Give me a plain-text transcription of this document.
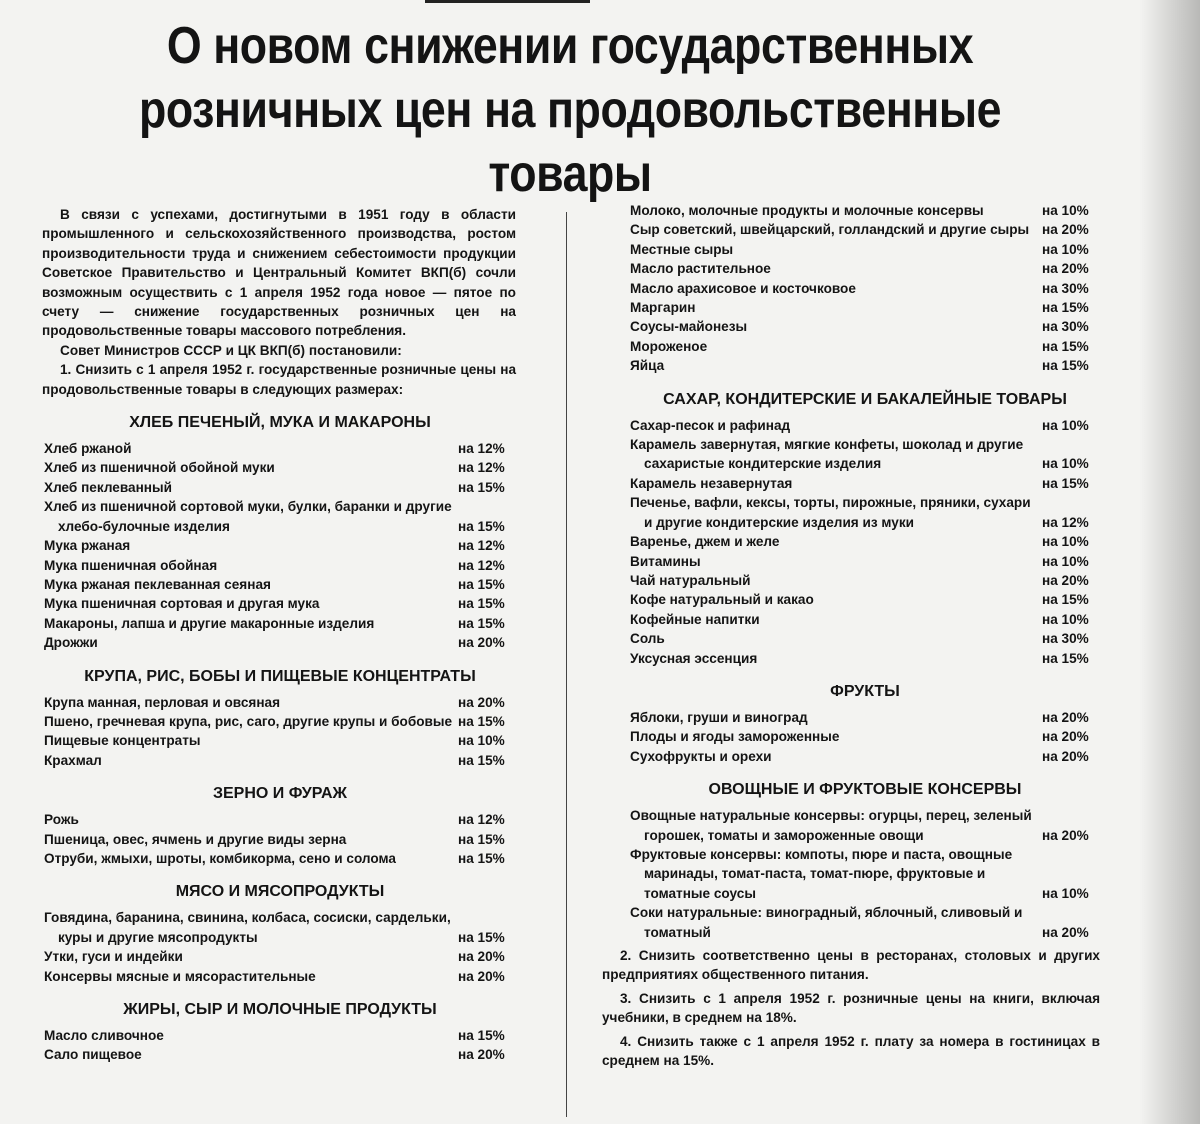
О новом снижении государственных
розничных цен на продовольственные
товары

В связи с успехами, достигнутыми в 1951 году в области промышленного и сельскохозяйственного производства, ростом производительности труда и снижением себестоимости продукции Советское Правительство и Центральный Комитет ВКП(б) сочли возможным осуществить с 1 апреля 1952 года новое — пятое по счету — снижение государственных розничных цен на продовольственные товары массового потребления.

Совет Министров СССР и ЦК ВКП(б) постановили:

1. Снизить с 1 апреля 1952 г. государственные розничные цены на продовольственные товары в следующих размерах:

ХЛЕБ ПЕЧЕНЫЙ, МУКА И МАКАРОНЫ
Хлеб ржаной	на 12%
Хлеб из пшеничной обойной муки	на 12%
Хлеб пеклеванный	на 15%
Хлеб из пшеничной сортовой муки, булки, баранки и другие хлебо-булочные изделия	на 15%
Мука ржаная	на 12%
Мука пшеничная обойная	на 12%
Мука ржаная пеклеванная сеяная	на 15%
Мука пшеничная сортовая и другая мука	на 15%
Макароны, лапша и другие макаронные изделия	на 15%
Дрожжи	на 20%
КРУПА, РИС, БОБЫ И ПИЩЕВЫЕ КОНЦЕНТРАТЫ
Крупа манная, перловая и овсяная	на 20%
Пшено, гречневая крупа, рис, саго, другие крупы и бобовые на 15%
Пищевые концентраты	на 10%
Крахмал	на 15%
ЗЕРНО И ФУРАЖ
Рожь	на 12%
Пшеница, овес, ячмень и другие виды зерна	на 15%
Отруби, жмыхи, шроты, комбикорма, сено и солома	на 15%
МЯСО И МЯСОПРОДУКТЫ
Говядина, баранина, свинина, колбаса, сосиски, сардельки, куры и другие мясопродукты	на 15%
Утки, гуси и индейки	на 20%
Консервы мясные и мясорастительные	на 20%
ЖИРЫ, СЫР И МОЛОЧНЫЕ ПРОДУКТЫ
Масло сливочное	на 15%
Сало пищевое	на 20%
Молоко, молочные продукты и молочные консервы	на 10%
Сыр советский, швейцарский, голландский и другие сыры на 20%
Местные сыры	на 10%
Масло растительное	на 20%
Масло арахисовое и косточковое	на 30%
Маргарин	на 15%
Соусы-майонезы	на 30%
Мороженое	на 15%
Яйца	на 15%
САХАР, КОНДИТЕРСКИЕ И БАКАЛЕЙНЫЕ ТОВАРЫ
Сахар-песок и рафинад	на 10%
Карамель завернутая, мягкие конфеты, шоколад и другие сахаристые кондитерские изделия	на 10%
Карамель незавернутая	на 15%
Печенье, вафли, кексы, торты, пирожные, пряники, сухари и другие кондитерские изделия из муки	на 12%
Варенье, джем и желе	на 10%
Витамины	на 10%
Чай натуральный	на 20%
Кофе натуральный и какао	на 15%
Кофейные напитки	на 10%
Соль	на 30%
Уксусная эссенция	на 15%
ФРУКТЫ
Яблоки, груши и виноград	на 20%
Плоды и ягоды замороженные	на 20%
Сухофрукты и орехи	на 20%
ОВОЩНЫЕ И ФРУКТОВЫЕ КОНСЕРВЫ
Овощные натуральные консервы: огурцы, перец, зеленый горошек, томаты и замороженные овощи	на 20%
Фруктовые консервы: компоты, пюре и паста, овощные маринады, томат-паста, томат-пюре, фруктовые и томатные соусы	на 10%
Соки натуральные: виноградный, яблочный, сливовый и томатный	на 20%

2. Снизить соответственно цены в ресторанах, столовых и других предприятиях общественного питания.

3. Снизить с 1 апреля 1952 г. розничные цены на книги, включая учебники, в среднем на 18%.

4. Снизить также с 1 апреля 1952 г. плату за номера в гостиницах в среднем на 15%.
